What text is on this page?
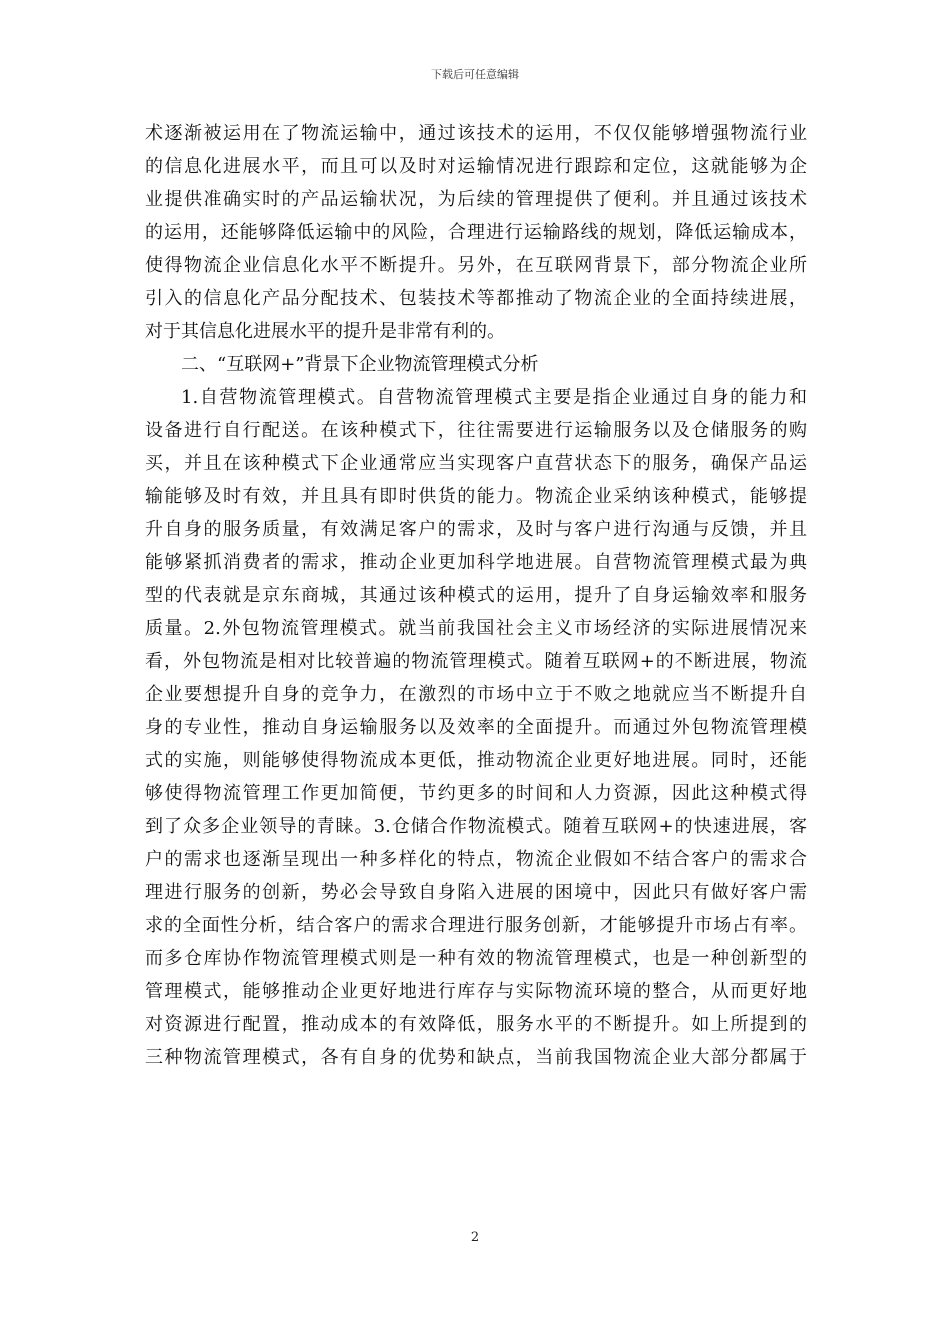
下载后可任意编辑
术逐渐被运用在了物流运输中，通过该技术的运用，不仅仅能够增强物流行业
的信息化进展水平，而且可以及时对运输情况进行跟踪和定位，这就能够为企
业提供准确实时的产品运输状况，为后续的管理提供了便利。并且通过该技术
的运用，还能够降低运输中的风险，合理进行运输路线的规划，降低运输成本，
使得物流企业信息化水平不断提升。另外，在互联网背景下，部分物流企业所
引入的信息化产品分配技术、包装技术等都推动了物流企业的全面持续进展，
对于其信息化进展水平的提升是非常有利的。
二、“互联网+”背景下企业物流管理模式分析
1.自营物流管理模式。自营物流管理模式主要是指企业通过自身的能力和
设备进行自行配送。在该种模式下，往往需要进行运输服务以及仓储服务的购
买，并且在该种模式下企业通常应当实现客户直营状态下的服务，确保产品运
输能够及时有效，并且具有即时供货的能力。物流企业采纳该种模式，能够提
升自身的服务质量，有效满足客户的需求，及时与客户进行沟通与反馈，并且
能够紧抓消费者的需求，推动企业更加科学地进展。自营物流管理模式最为典
型的代表就是京东商城，其通过该种模式的运用，提升了自身运输效率和服务
质量。2.外包物流管理模式。就当前我国社会主义市场经济的实际进展情况来
看，外包物流是相对比较普遍的物流管理模式。随着互联网+的不断进展，物流
企业要想提升自身的竞争力，在激烈的市场中立于不败之地就应当不断提升自
身的专业性，推动自身运输服务以及效率的全面提升。而通过外包物流管理模
式的实施，则能够使得物流成本更低，推动物流企业更好地进展。同时，还能
够使得物流管理工作更加简便，节约更多的时间和人力资源，因此这种模式得
到了众多企业领导的青睐。3.仓储合作物流模式。随着互联网+的快速进展，客
户的需求也逐渐呈现出一种多样化的特点，物流企业假如不结合客户的需求合
理进行服务的创新，势必会导致自身陷入进展的困境中，因此只有做好客户需
求的全面性分析，结合客户的需求合理进行服务创新，才能够提升市场占有率。
而多仓库协作物流管理模式则是一种有效的物流管理模式，也是一种创新型的
管理模式，能够推动企业更好地进行库存与实际物流环境的整合，从而更好地
对资源进行配置，推动成本的有效降低，服务水平的不断提升。如上所提到的
三种物流管理模式，各有自身的优势和缺点，当前我国物流企业大部分都属于
2
